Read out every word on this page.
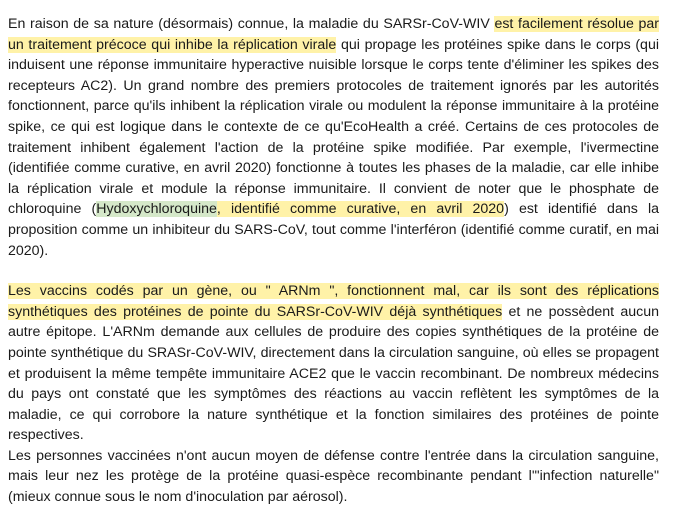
En raison de sa nature (désormais) connue, la maladie du SARSr-CoV-WIV est facilement résolue par un traitement précoce qui inhibe la réplication virale qui propage les protéines spike dans le corps (qui induisent une réponse immunitaire hyperactive nuisible lorsque le corps tente d'éliminer les spikes des recepteurs AC2). Un grand nombre des premiers protocoles de traitement ignorés par les autorités fonctionnent, parce qu'ils inhibent la réplication virale ou modulent la réponse immunitaire à la protéine spike, ce qui est logique dans le contexte de ce qu'EcoHealth a créé. Certains de ces protocoles de traitement inhibent également l'action de la protéine spike modifiée. Par exemple, l'ivermectine (identifiée comme curative, en avril 2020) fonctionne à toutes les phases de la maladie, car elle inhibe la réplication virale et module la réponse immunitaire. Il convient de noter que le phosphate de chloroquine (Hydoxychloroquine, identifié comme curative, en avril 2020) est identifié dans la proposition comme un inhibiteur du SARS-CoV, tout comme l'interféron (identifié comme curatif, en mai 2020).

Les vaccins codés par un gène, ou " ARNm ", fonctionnent mal, car ils sont des réplications synthétiques des protéines de pointe du SARSr-CoV-WIV déjà synthétiques et ne possèdent aucun autre épitope. L'ARNm demande aux cellules de produire des copies synthétiques de la protéine de pointe synthétique du SRASr-CoV-WIV, directement dans la circulation sanguine, où elles se propagent et produisent la même tempête immunitaire ACE2 que le vaccin recombinant. De nombreux médecins du pays ont constaté que les symptômes des réactions au vaccin reflètent les symptômes de la maladie, ce qui corrobore la nature synthétique et la fonction similaires des protéines de pointe respectives.

Les personnes vaccinées n'ont aucun moyen de défense contre l'entrée dans la circulation sanguine, mais leur nez les protège de la protéine quasi-espèce recombinante pendant l'"infection naturelle" (mieux connue sous le nom d'inoculation par aérosol).
